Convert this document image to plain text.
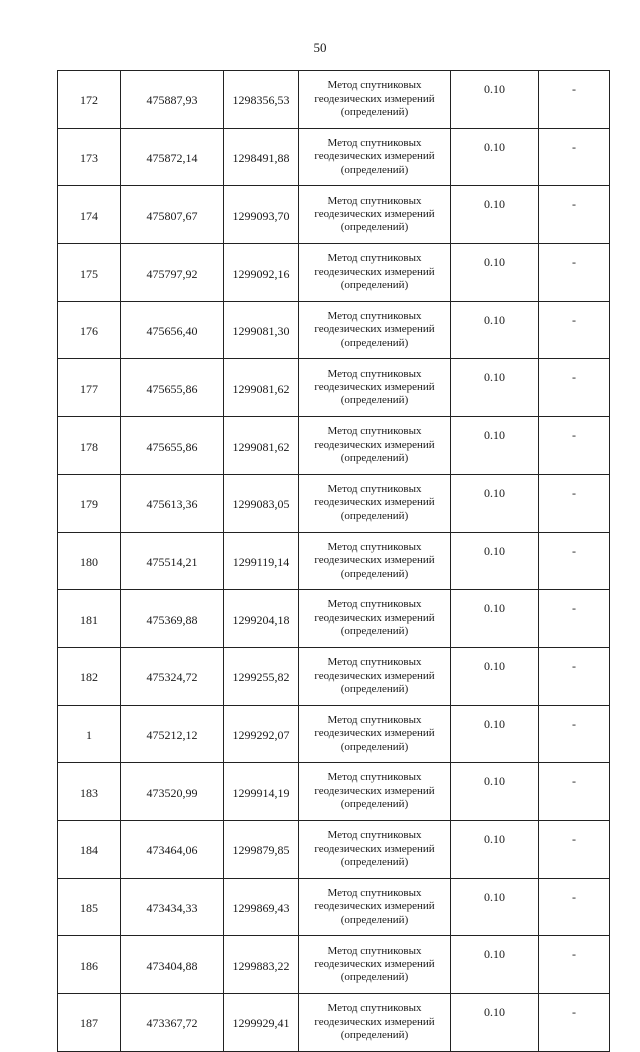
50
172	475887,93	1298356,53	Метод спутниковых
геодезических измерений
(определений)	0.10	-
173	475872,14	1298491,88	Метод спутниковых
геодезических измерений
(определений)	0.10	-
174	475807,67	1299093,70	Метод спутниковых
геодезических измерений
(определений)	0.10	-
175	475797,92	1299092,16	Метод спутниковых
геодезических измерений
(определений)	0.10	-
176	475656,40	1299081,30	Метод спутниковых
геодезических измерений
(определений)	0.10	-
177	475655,86	1299081,62	Метод спутниковых
геодезических измерений
(определений)	0.10	-
178	475655,86	1299081,62	Метод спутниковых
геодезических измерений
(определений)	0.10	-
179	475613,36	1299083,05	Метод спутниковых
геодезических измерений
(определений)	0.10	-
180	475514,21	1299119,14	Метод спутниковых
геодезических измерений
(определений)	0.10	-
181	475369,88	1299204,18	Метод спутниковых
геодезических измерений
(определений)	0.10	-
182	475324,72	1299255,82	Метод спутниковых
геодезических измерений
(определений)	0.10	-
1	475212,12	1299292,07	Метод спутниковых
геодезических измерений
(определений)	0.10	-
183	473520,99	1299914,19	Метод спутниковых
геодезических измерений
(определений)	0.10	-
184	473464,06	1299879,85	Метод спутниковых
геодезических измерений
(определений)	0.10	-
185	473434,33	1299869,43	Метод спутниковых
геодезических измерений
(определений)	0.10	-
186	473404,88	1299883,22	Метод спутниковых
геодезических измерений
(определений)	0.10	-
187	473367,72	1299929,41	Метод спутниковых
геодезических измерений
(определений)	0.10	-
